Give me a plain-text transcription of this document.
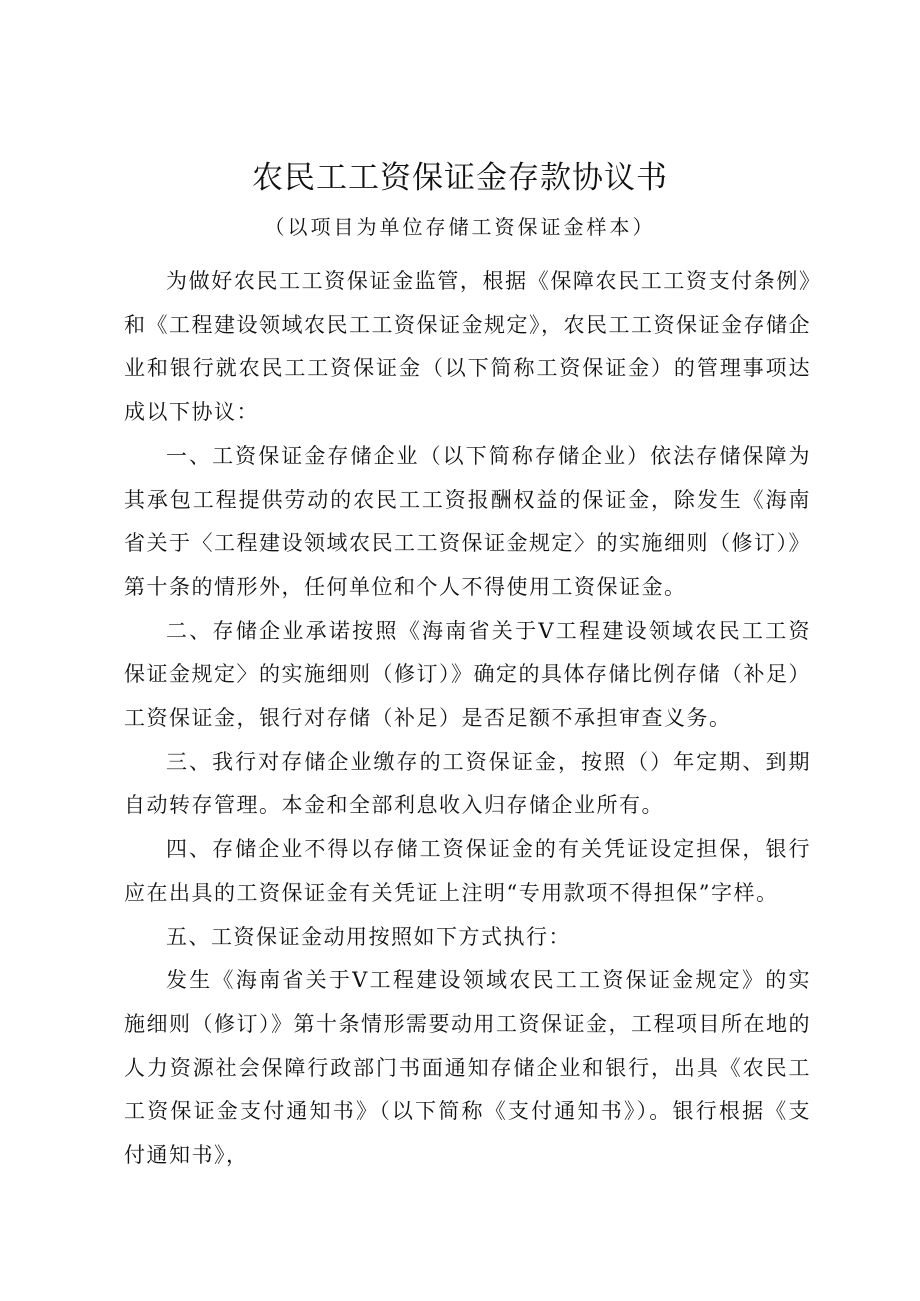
农民工工资保证金存款协议书
（以项目为单位存储工资保证金样本）

为做好农民工工资保证金监管，根据《保障农民工工资支付条例》和《工程建设领域农民工工资保证金规定》，农民工工资保证金存储企业和银行就农民工工资保证金（以下简称工资保证金）的管理事项达成以下协议：

一、工资保证金存储企业（以下简称存储企业）依法存储保障为其承包工程提供劳动的农民工工资报酬权益的保证金，除发生《海南省关于〈工程建设领域农民工工资保证金规定〉的实施细则（修订）》第十条的情形外，任何单位和个人不得使用工资保证金。

二、存储企业承诺按照《海南省关于V工程建设领域农民工工资保证金规定〉的实施细则（修订）》确定的具体存储比例存储（补足）工资保证金，银行对存储（补足）是否足额不承担审查义务。

三、我行对存储企业缴存的工资保证金，按照（）年定期、到期自动转存管理。本金和全部利息收入归存储企业所有。

四、存储企业不得以存储工资保证金的有关凭证设定担保，银行应在出具的工资保证金有关凭证上注明“专用款项不得担保”字样。

五、工资保证金动用按照如下方式执行：

发生《海南省关于V工程建设领域农民工工资保证金规定》的实施细则（修订）》第十条情形需要动用工资保证金，工程项目所在地的人力资源社会保障行政部门书面通知存储企业和银行，出具《农民工工资保证金支付通知书》（以下简称《支付通知书》）。银行根据《支付通知书》，
